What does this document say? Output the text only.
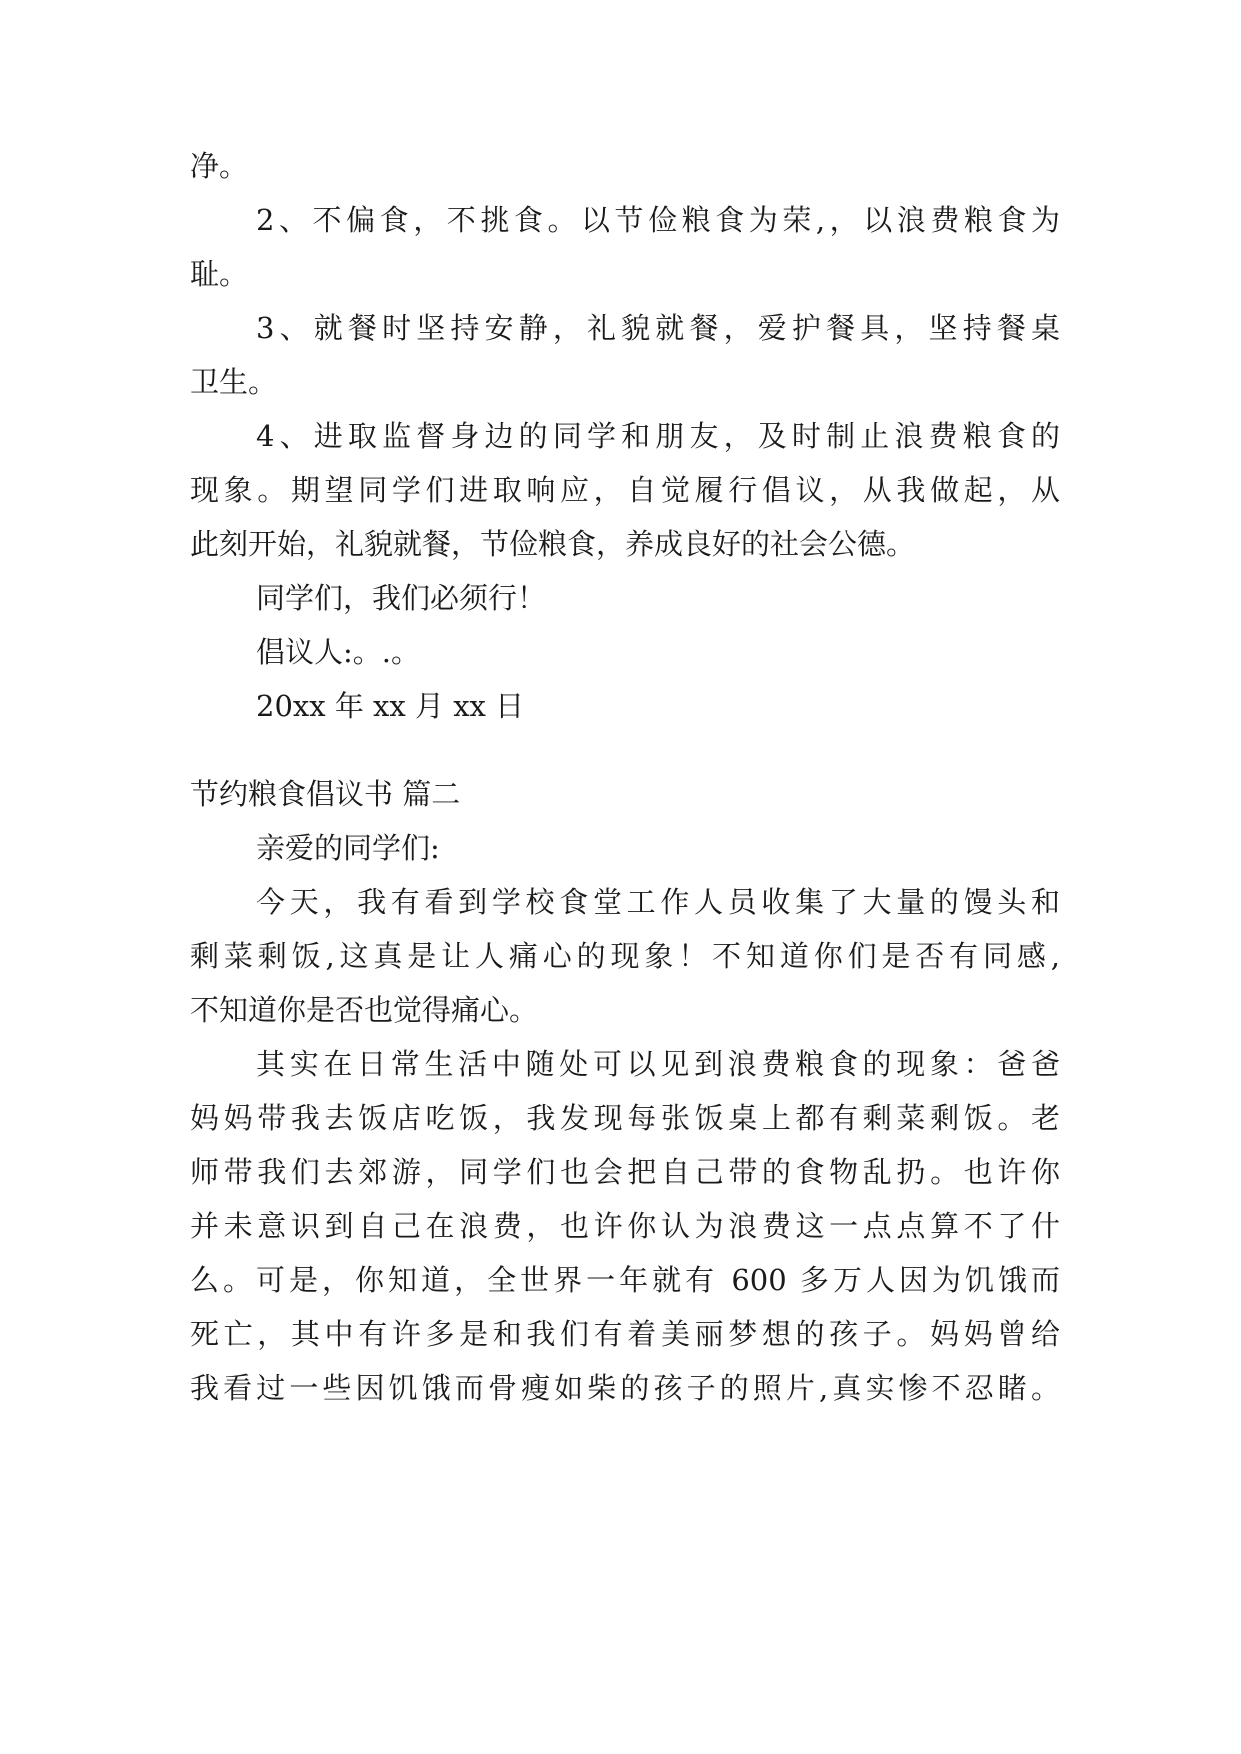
净。
2、不偏食，不挑食。以节俭粮食为荣,，以浪费粮食为
耻。
3、就餐时坚持安静，礼貌就餐，爱护餐具，坚持餐桌
卫生。
4、进取监督身边的同学和朋友，及时制止浪费粮食的
现象。期望同学们进取响应，自觉履行倡议，从我做起，从
此刻开始，礼貌就餐，节俭粮食，养成良好的社会公德。
同学们，我们必须行！
倡议人:。.。
20xx 年 xx 月 xx 日
节约粮食倡议书 篇二
亲爱的同学们:
今天，我有看到学校食堂工作人员收集了大量的馒头和
剩菜剩饭,这真是让人痛心的现象！不知道你们是否有同感,
不知道你是否也觉得痛心。
其实在日常生活中随处可以见到浪费粮食的现象：爸爸
妈妈带我去饭店吃饭，我发现每张饭桌上都有剩菜剩饭。老
师带我们去郊游，同学们也会把自己带的食物乱扔。也许你
并未意识到自己在浪费，也许你认为浪费这一点点算不了什
么。可是，你知道，全世界一年就有 600 多万人因为饥饿而
死亡，其中有许多是和我们有着美丽梦想的孩子。妈妈曾给
我看过一些因饥饿而骨瘦如柴的孩子的照片,真实惨不忍睹。
